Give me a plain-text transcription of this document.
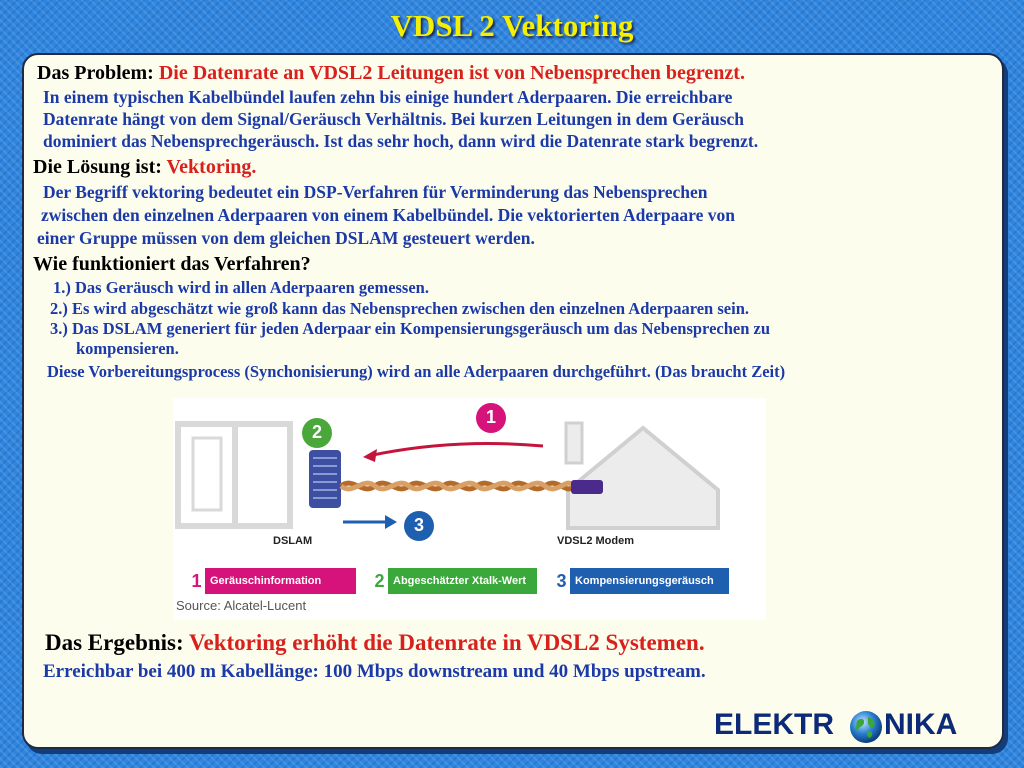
VDSL 2 Vektoring
Das Problem: Die Datenrate an VDSL2 Leitungen ist von Nebensprechen begrenzt.
In einem typischen Kabelbündel laufen zehn bis einige hundert Aderpaaren. Die erreichbare
Datenrate hängt von dem Signal/Geräusch Verhältnis. Bei kurzen Leitungen in dem Geräusch
dominiert das Nebensprechgeräusch. Ist das sehr hoch, dann wird die Datenrate stark begrenzt.
Die Lösung ist: Vektoring.
Der Begriff vektoring bedeutet ein DSP-Verfahren für Verminderung das Nebensprechen
zwischen den einzelnen Aderpaaren von einem Kabelbündel. Die vektorierten Aderpaare von
einer Gruppe müssen von dem gleichen DSLAM gesteuert werden.
Wie funktioniert das Verfahren?
1.) Das Geräusch wird in allen Aderpaaren gemessen.
2.) Es wird abgeschätzt wie groß kann das Nebensprechen zwischen den einzelnen Aderpaaren sein.
3.) Das DSLAM generiert für jeden Aderpaar ein Kompensierungsgeräusch um das Nebensprechen zu
kompensieren.
Diese Vorbereitungsprocess (Synchonisierung) wird an alle Aderpaaren durchgeführt. (Das braucht Zeit)
2
1
3
DSLAM	VDSL2 Modem
1 Geräuschinformation	2 Abgeschätzter Xtalk-Wert 3 Kompensierungsgeräusch
Source: Alcatel-Lucent
Das Ergebnis: Vektoring erhöht die Datenrate in VDSL2 Systemen.
Erreichbar bei 400 m Kabellänge: 100 Mbps downstream und 40 Mbps upstream.
ELEKTR NIKA
